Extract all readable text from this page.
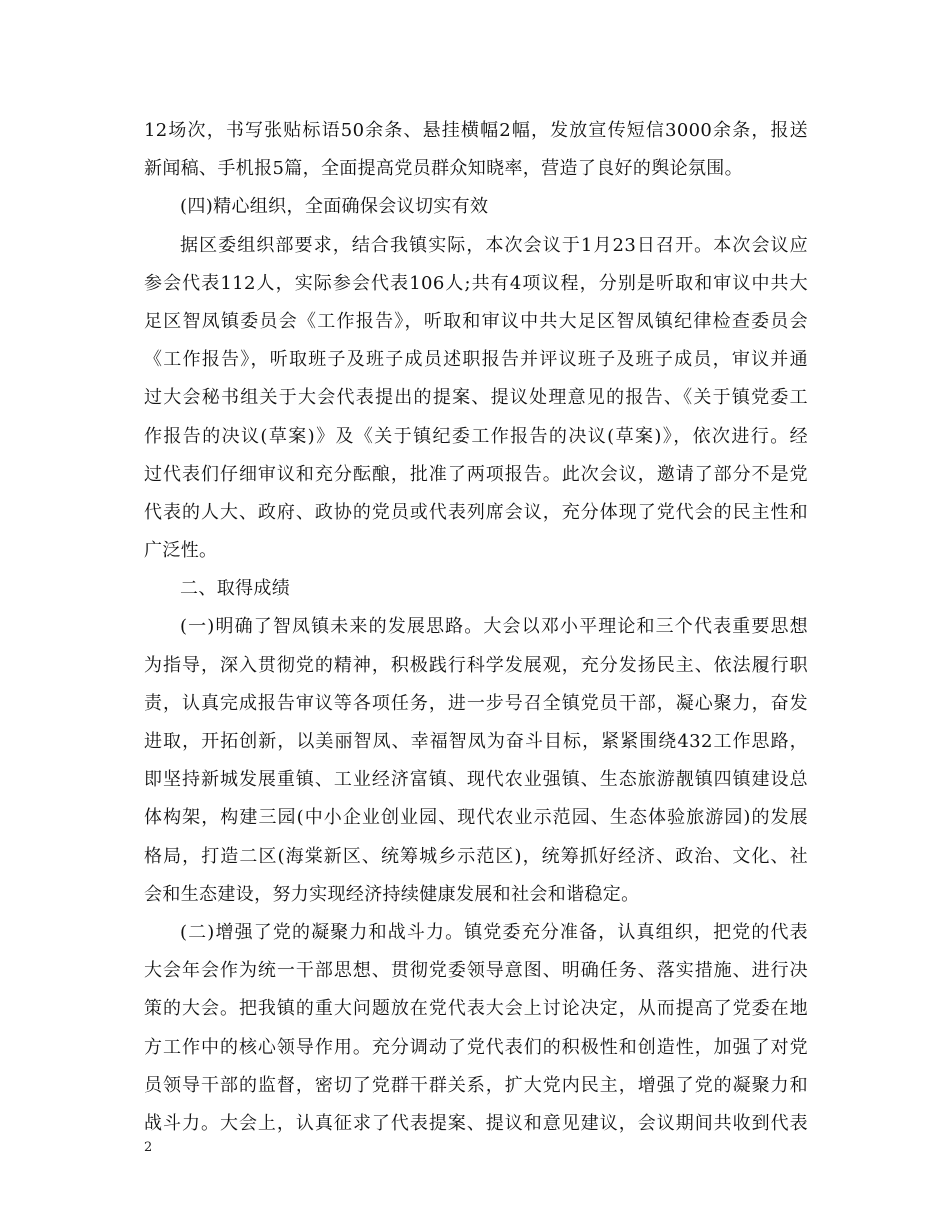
12场次，书写张贴标语50余条、悬挂横幅2幅，发放宣传短信3000余条，报送
新闻稿、手机报5篇，全面提高党员群众知晓率，营造了良好的舆论氛围。
(四)精心组织，全面确保会议切实有效
据区委组织部要求，结合我镇实际，本次会议于1月23日召开。本次会议应
参会代表112人，实际参会代表106人;共有4项议程，分别是听取和审议中共大
足区智凤镇委员会《工作报告》，听取和审议中共大足区智凤镇纪律检查委员会
《工作报告》，听取班子及班子成员述职报告并评议班子及班子成员，审议并通
过大会秘书组关于大会代表提出的提案、提议处理意见的报告、《关于镇党委工
作报告的决议(草案)》及《关于镇纪委工作报告的决议(草案)》，依次进行。经
过代表们仔细审议和充分酝酿，批准了两项报告。此次会议，邀请了部分不是党
代表的人大、政府、政协的党员或代表列席会议，充分体现了党代会的民主性和
广泛性。
二、取得成绩
(一)明确了智凤镇未来的发展思路。大会以邓小平理论和三个代表重要思想
为指导，深入贯彻党的精神，积极践行科学发展观，充分发扬民主、依法履行职
责，认真完成报告审议等各项任务，进一步号召全镇党员干部，凝心聚力，奋发
进取，开拓创新，以美丽智凤、幸福智凤为奋斗目标，紧紧围绕432工作思路，
即坚持新城发展重镇、工业经济富镇、现代农业强镇、生态旅游靓镇四镇建设总
体构架，构建三园(中小企业创业园、现代农业示范园、生态体验旅游园)的发展
格局，打造二区(海棠新区、统筹城乡示范区)，统筹抓好经济、政治、文化、社
会和生态建设，努力实现经济持续健康发展和社会和谐稳定。
(二)增强了党的凝聚力和战斗力。镇党委充分准备，认真组织，把党的代表
大会年会作为统一干部思想、贯彻党委领导意图、明确任务、落实措施、进行决
策的大会。把我镇的重大问题放在党代表大会上讨论决定，从而提高了党委在地
方工作中的核心领导作用。充分调动了党代表们的积极性和创造性，加强了对党
员领导干部的监督，密切了党群干群关系，扩大党内民主，增强了党的凝聚力和
战斗力。大会上，认真征求了代表提案、提议和意见建议，会议期间共收到代表
2
